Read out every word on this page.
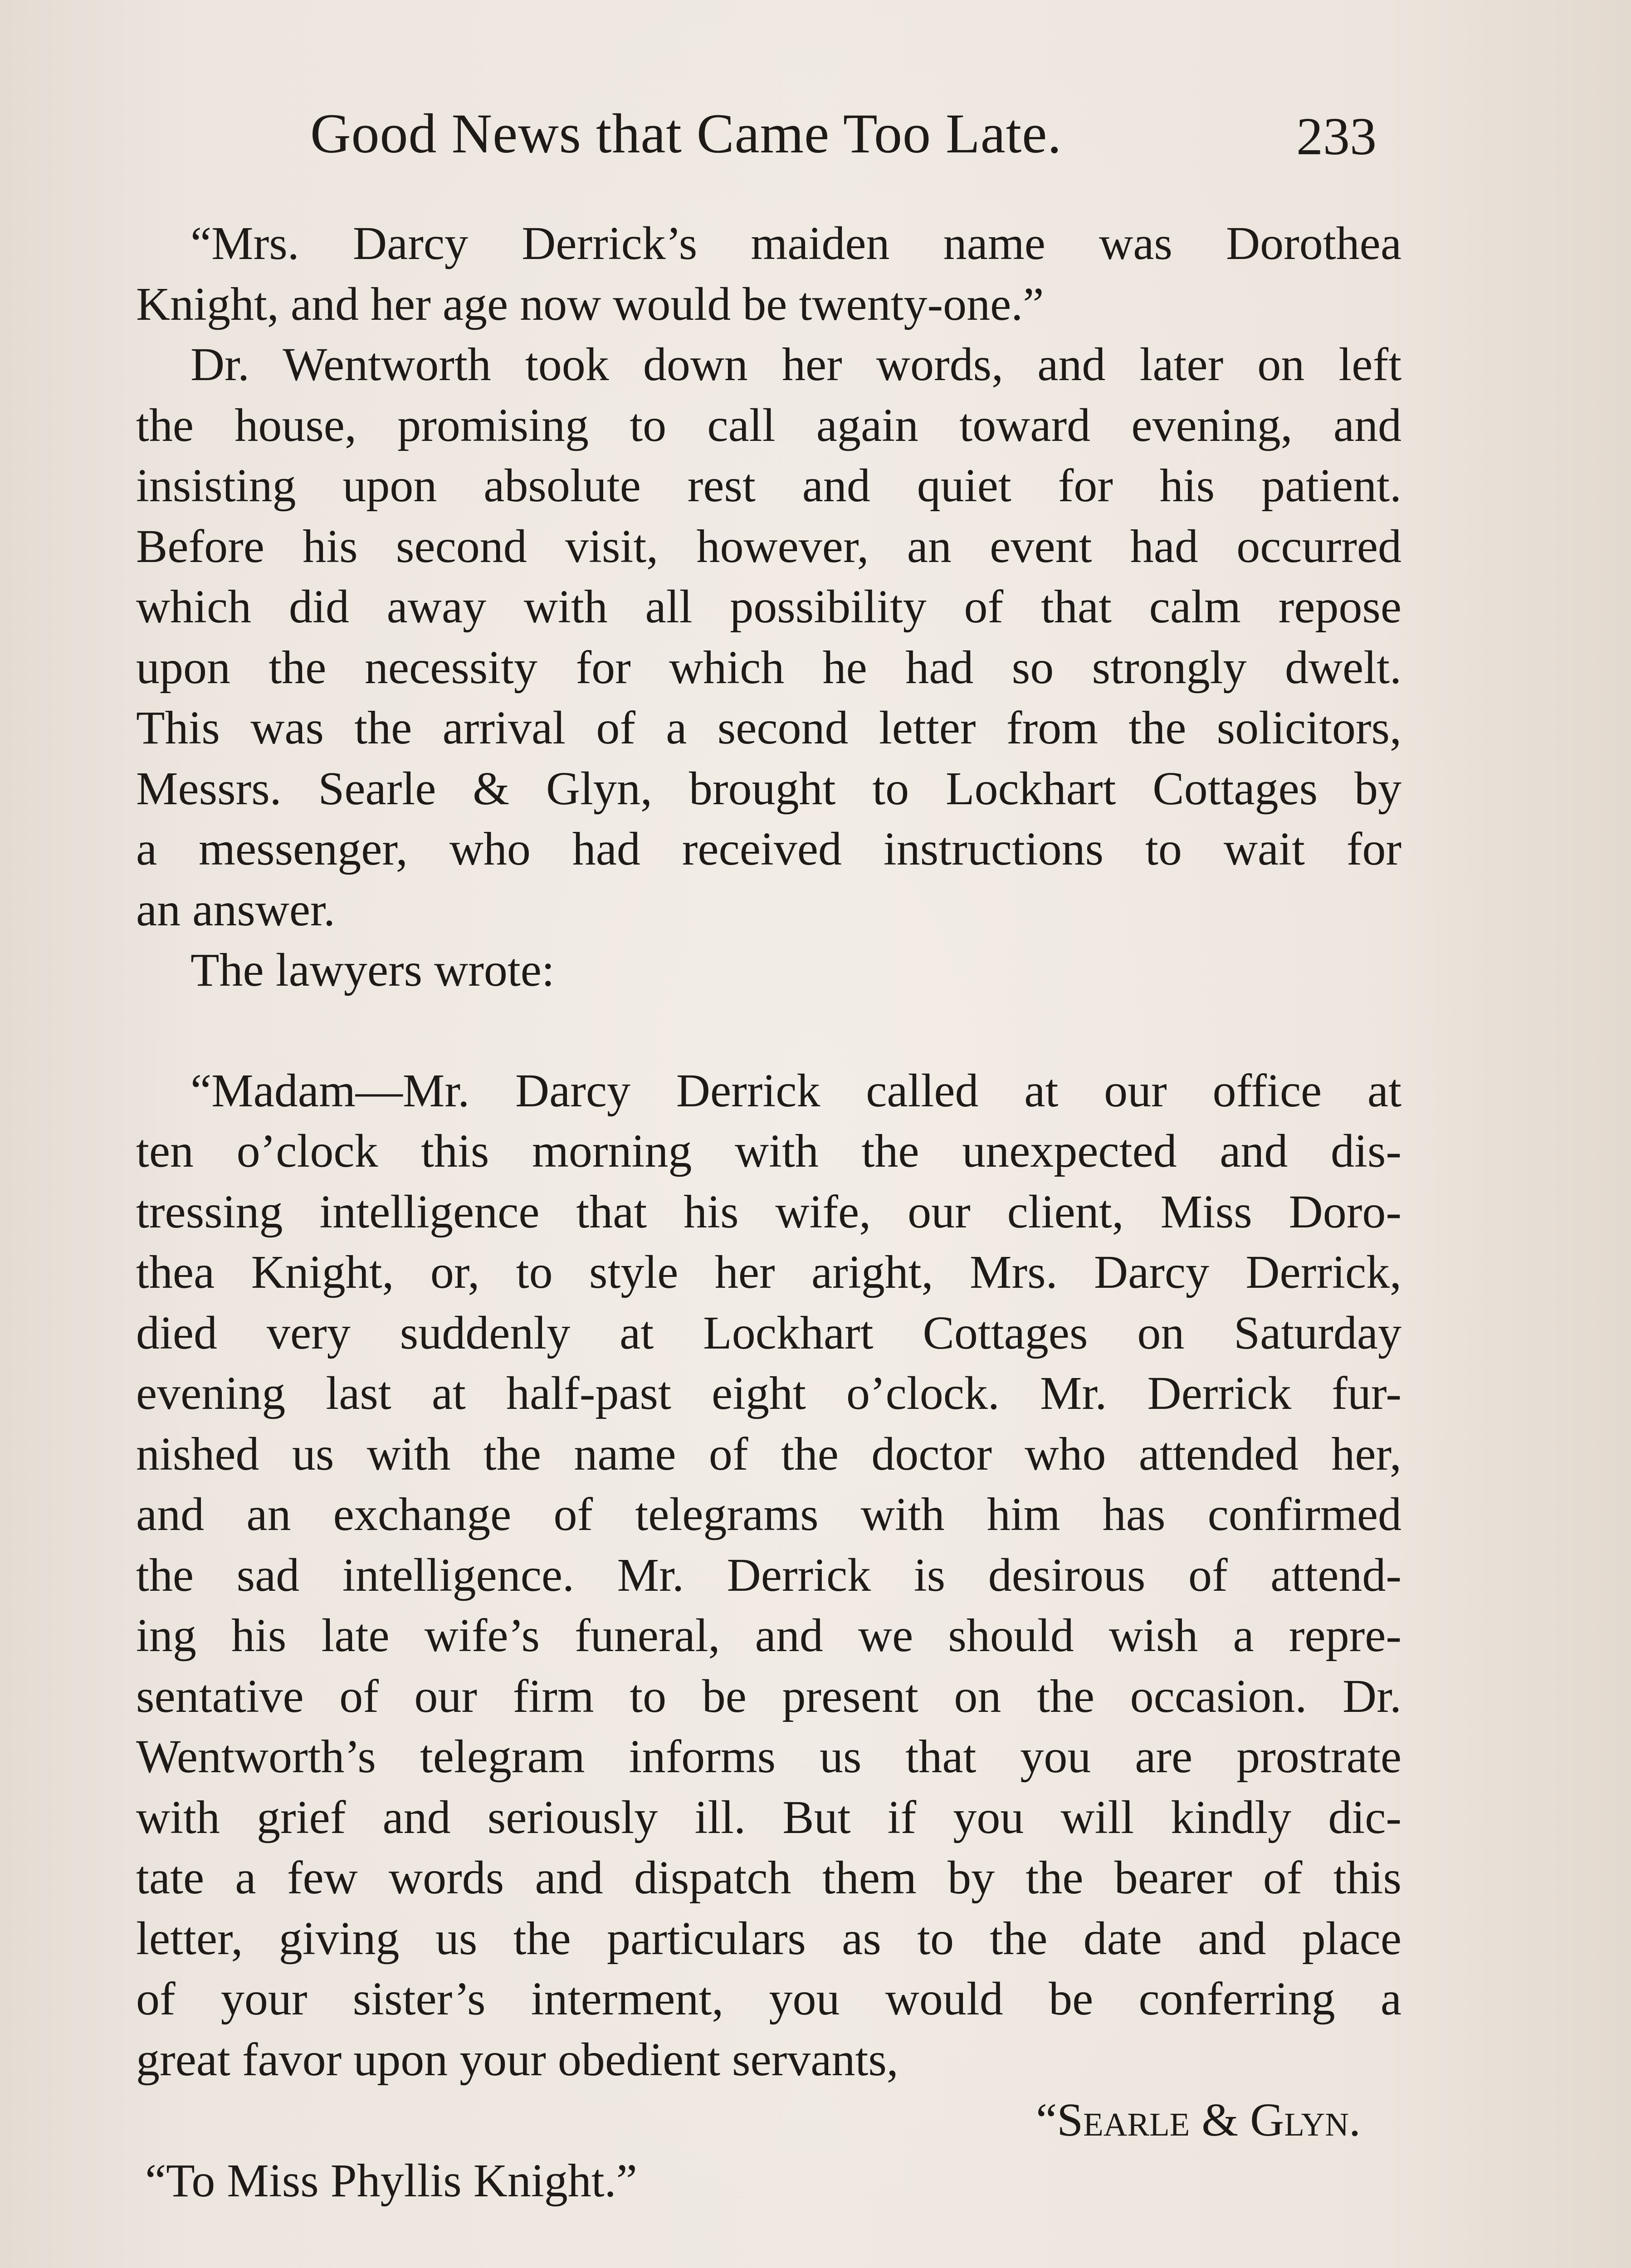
Good News that Came Too Late.	233
“Mrs. Darcy Derrick’s maiden name was Dorothea
Knight, and her age now would be twenty-one.”
Dr. Wentworth took down her words, and later on left
the house, promising to call again toward evening, and
insisting upon absolute rest and quiet for his patient.
Before his second visit, however, an event had occurred
which did away with all possibility of that calm repose
upon the necessity for which he had so strongly dwelt.
This was the arrival of a second letter from the solicitors,
Messrs. Searle & Glyn, brought to Lockhart Cottages by
a messenger, who had received instructions to wait for
an answer.
The lawyers wrote:
“Madam—Mr. Darcy Derrick called at our office at
ten o’clock this morning with the unexpected and dis-
tressing intelligence that his wife, our client, Miss Doro-
thea Knight, or, to style her aright, Mrs. Darcy Derrick,
died very suddenly at Lockhart Cottages on Saturday
evening last at half-past eight o’clock. Mr. Derrick fur-
nished us with the name of the doctor who attended her,
and an exchange of telegrams with him has confirmed
the sad intelligence. Mr. Derrick is desirous of attend-
ing his late wife’s funeral, and we should wish a repre-
sentative of our firm to be present on the occasion. Dr.
Wentworth’s telegram informs us that you are prostrate
with grief and seriously ill. But if you will kindly dic-
tate a few words and dispatch them by the bearer of this
letter, giving us the particulars as to the date and place
of your sister’s interment, you would be conferring a
great favor upon your obedient servants,
“Searle & Glyn.
“To Miss Phyllis Knight.”
